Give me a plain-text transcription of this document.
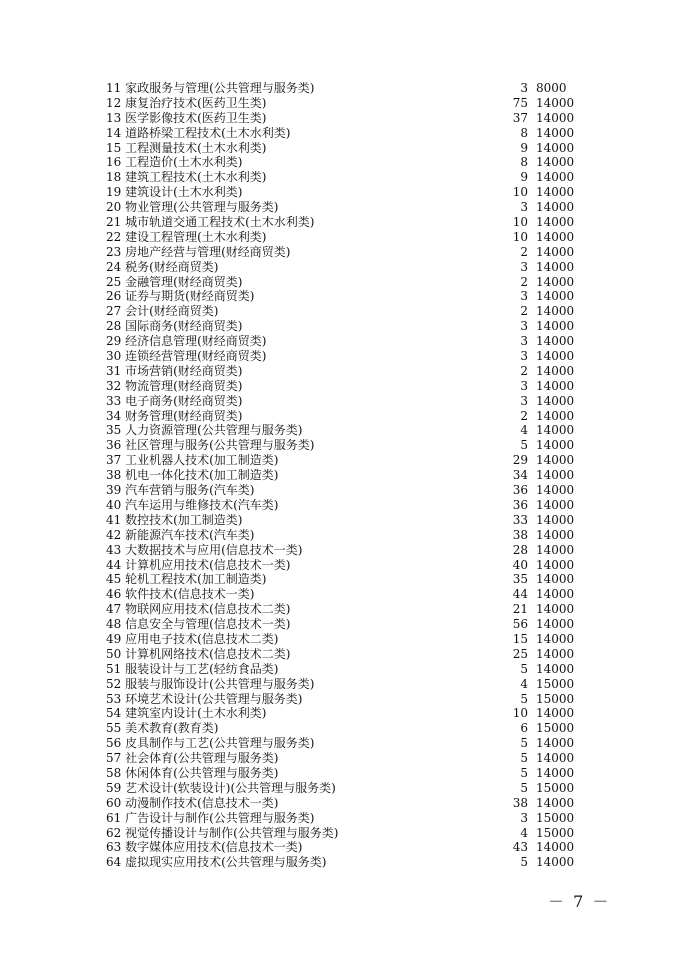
11 家政服务与管理(公共管理与服务类)	3 8000
12 康复治疗技术(医药卫生类)	75 14000
13 医学影像技术(医药卫生类)	37 14000
14 道路桥梁工程技术(土木水利类)	8 14000
15 工程测量技术(土木水利类)	9 14000
16 工程造价(土木水利类)	8 14000
18 建筑工程技术(土木水利类)	9 14000
19 建筑设计(土木水利类)	10 14000
20 物业管理(公共管理与服务类)	3 14000
21 城市轨道交通工程技术(土木水利类)	10 14000
22 建设工程管理(土木水利类)	10 14000
23 房地产经营与管理(财经商贸类)	2 14000
24 税务(财经商贸类)	3 14000
25 金融管理(财经商贸类)	2 14000
26 证券与期货(财经商贸类)	3 14000
27 会计(财经商贸类)	2 14000
28 国际商务(财经商贸类)	3 14000
29 经济信息管理(财经商贸类)	3 14000
30 连锁经营管理(财经商贸类)	3 14000
31 市场营销(财经商贸类)	2 14000
32 物流管理(财经商贸类)	3 14000
33 电子商务(财经商贸类)	3 14000
34 财务管理(财经商贸类)	2 14000
35 人力资源管理(公共管理与服务类)	4 14000
36 社区管理与服务(公共管理与服务类)	5 14000
37 工业机器人技术(加工制造类)	29 14000
38 机电一体化技术(加工制造类)	34 14000
39 汽车营销与服务(汽车类)	36 14000
40 汽车运用与维修技术(汽车类)	36 14000
41 数控技术(加工制造类)	33 14000
42 新能源汽车技术(汽车类)	38 14000
43 大数据技术与应用(信息技术一类)	28 14000
44 计算机应用技术(信息技术一类)	40 14000
45 轮机工程技术(加工制造类)	35 14000
46 软件技术(信息技术一类)	44 14000
47 物联网应用技术(信息技术二类)	21 14000
48 信息安全与管理(信息技术一类)	56 14000
49 应用电子技术(信息技术二类)	15 14000
50 计算机网络技术(信息技术二类)	25 14000
51 服装设计与工艺(轻纺食品类)	5 14000
52 服装与服饰设计(公共管理与服务类)	4 15000
53 环境艺术设计(公共管理与服务类)	5 15000
54 建筑室内设计(土木水利类)	10 14000
55 美术教育(教育类)	6 15000
56 皮具制作与工艺(公共管理与服务类)	5 14000
57 社会体育(公共管理与服务类)	5 14000
58 休闲体育(公共管理与服务类)	5 14000
59 艺术设计(软装设计)(公共管理与服务类)	5 15000
60 动漫制作技术(信息技术一类)	38 14000
61 广告设计与制作(公共管理与服务类)	3 15000
62 视觉传播设计与制作(公共管理与服务类)	4 15000
63 数字媒体应用技术(信息技术一类)	43 14000
64 虚拟现实应用技术(公共管理与服务类)	5 14000
－ 7 －
